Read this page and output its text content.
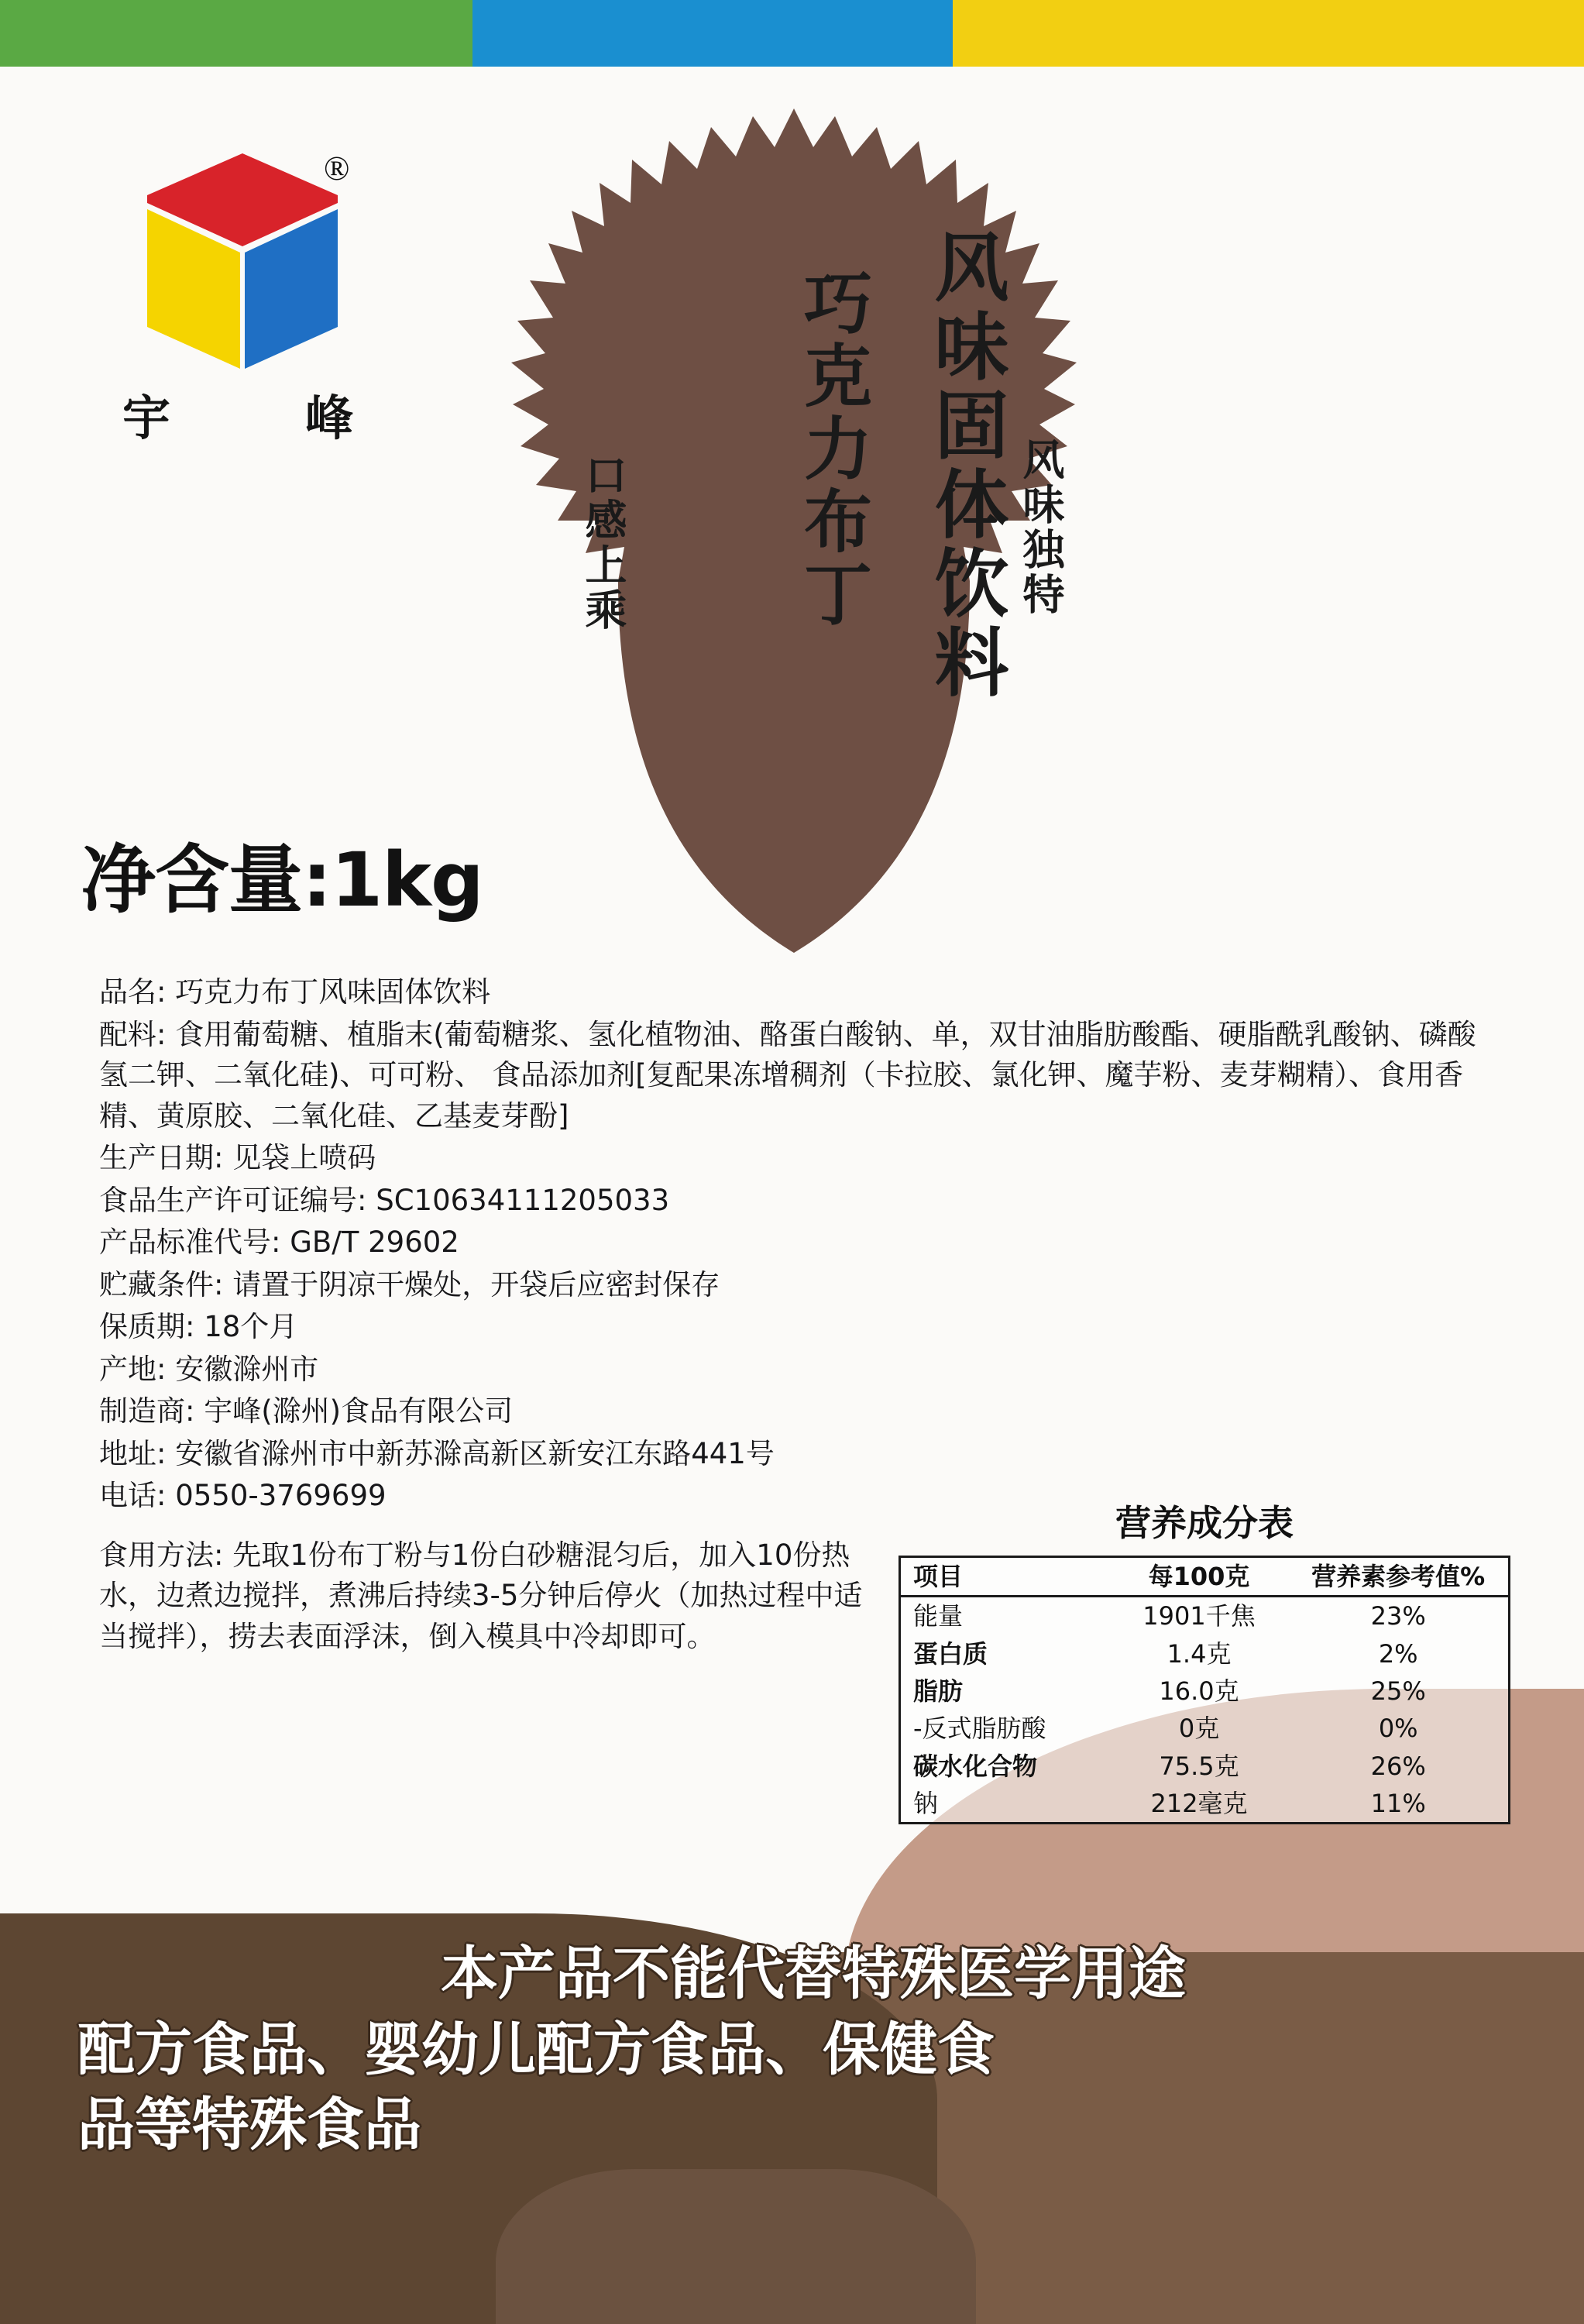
®
宇	峰	风味固体饮料
巧克力布丁
口感上乘	风味独特
净含量:1kg
品名: 巧克力布丁风味固体饮料
配料: 食用葡萄糖、植脂末(葡萄糖浆、氢化植物油、酪蛋白酸钠、单，双甘油脂肪酸酯、硬脂酰乳酸钠、磷酸氢二钾、二氧化硅)、可可粉、 食品添加剂[复配果冻增稠剂（卡拉胶、氯化钾、魔芋粉、麦芽糊精）、食用香精、黄原胶、二氧化硅、乙基麦芽酚]
生产日期: 见袋上喷码
食品生产许可证编号: SC10634111205033
产品标准代号: GB/T 29602
贮藏条件: 请置于阴凉干燥处，开袋后应密封保存
保质期: 18个月
产地: 安徽滁州市
制造商: 宇峰(滁州)食品有限公司
地址: 安徽省滁州市中新苏滁高新区新安江东路441号
电话: 0550-3769699
食用方法: 先取1份布丁粉与1份白砂糖混匀后，加入10份热水，边煮边搅拌，煮沸后持续3-5分钟后停火（加热过程中适当搅拌），捞去表面浮沫，倒入模具中冷却即可。
营养成分表
项目	每100克	营养素参考值%
能量	1901千焦	23%
蛋白质	1.4克	2%
脂肪	16.0克	25%
-反式脂肪酸	0克	0%
碳水化合物	75.5克	26%
钠	212毫克	11%
本产品不能代替特殊医学用途
配方食品、婴幼儿配方食品、保健食
品等特殊食品
